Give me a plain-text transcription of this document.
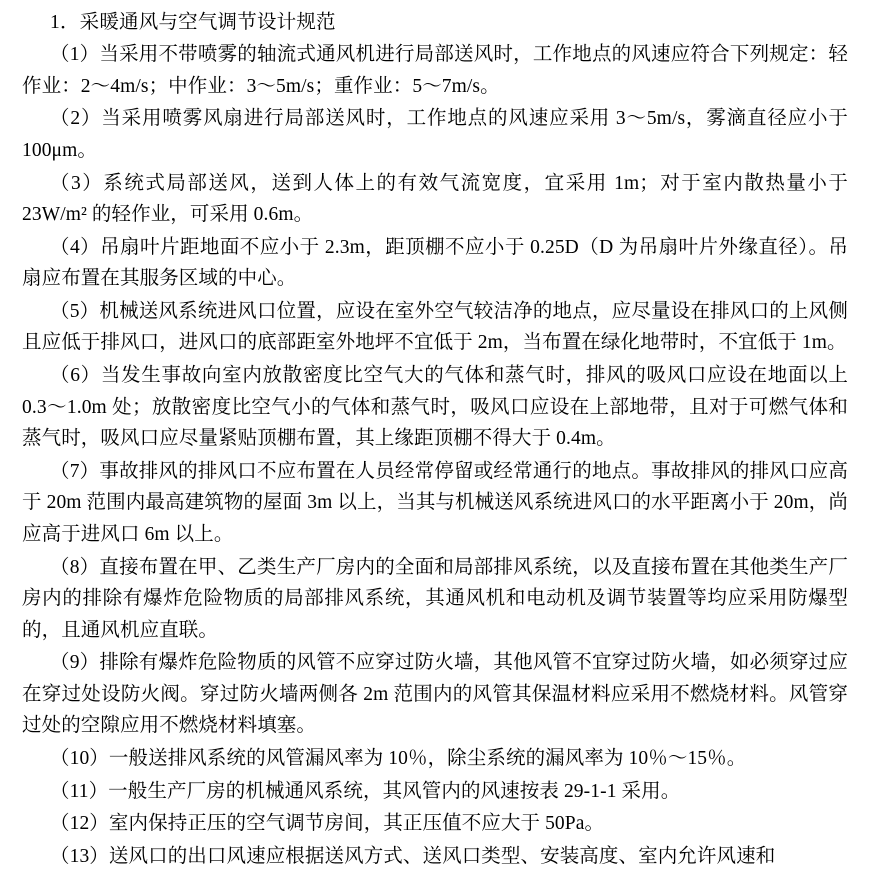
1．采暖通风与空气调节设计规范

（1）当采用不带喷雾的轴流式通风机进行局部送风时，工作地点的风速应符合下列规定：轻作业：2～4m/s；中作业：3～5m/s；重作业：5～7m/s。

（2）当采用喷雾风扇进行局部送风时，工作地点的风速应采用 3～5m/s，雾滴直径应小于 100μm。

（3）系统式局部送风，送到人体上的有效气流宽度，宜采用 1m；对于室内散热量小于 23W/m² 的轻作业，可采用 0.6m。

（4）吊扇叶片距地面不应小于 2.3m，距顶棚不应小于 0.25D（D 为吊扇叶片外缘直径）。吊扇应布置在其服务区域的中心。

（5）机械送风系统进风口位置，应设在室外空气较洁净的地点，应尽量设在排风口的上风侧且应低于排风口，进风口的底部距室外地坪不宜低于 2m，当布置在绿化地带时，不宜低于 1m。

（6）当发生事故向室内放散密度比空气大的气体和蒸气时，排风的吸风口应设在地面以上 0.3～1.0m 处；放散密度比空气小的气体和蒸气时，吸风口应设在上部地带，且对于可燃气体和蒸气时，吸风口应尽量紧贴顶棚布置，其上缘距顶棚不得大于 0.4m。

（7）事故排风的排风口不应布置在人员经常停留或经常通行的地点。事故排风的排风口应高于 20m 范围内最高建筑物的屋面 3m 以上，当其与机械送风系统进风口的水平距离小于 20m，尚应高于进风口 6m 以上。

（8）直接布置在甲、乙类生产厂房内的全面和局部排风系统，以及直接布置在其他类生产厂房内的排除有爆炸危险物质的局部排风系统，其通风机和电动机及调节装置等均应采用防爆型的，且通风机应直联。

（9）排除有爆炸危险物质的风管不应穿过防火墙，其他风管不宜穿过防火墙，如必须穿过应在穿过处设防火阀。穿过防火墙两侧各 2m 范围内的风管其保温材料应采用不燃烧材料。风管穿过处的空隙应用不燃烧材料填塞。

（10）一般送排风系统的风管漏风率为 10％，除尘系统的漏风率为 10％～15％。

（11）一般生产厂房的机械通风系统，其风管内的风速按表 29-1-1 采用。

（12）室内保持正压的空气调节房间，其正压值不应大于 50Pa。

（13）送风口的出口风速应根据送风方式、送风口类型、安装高度、室内允许风速和
